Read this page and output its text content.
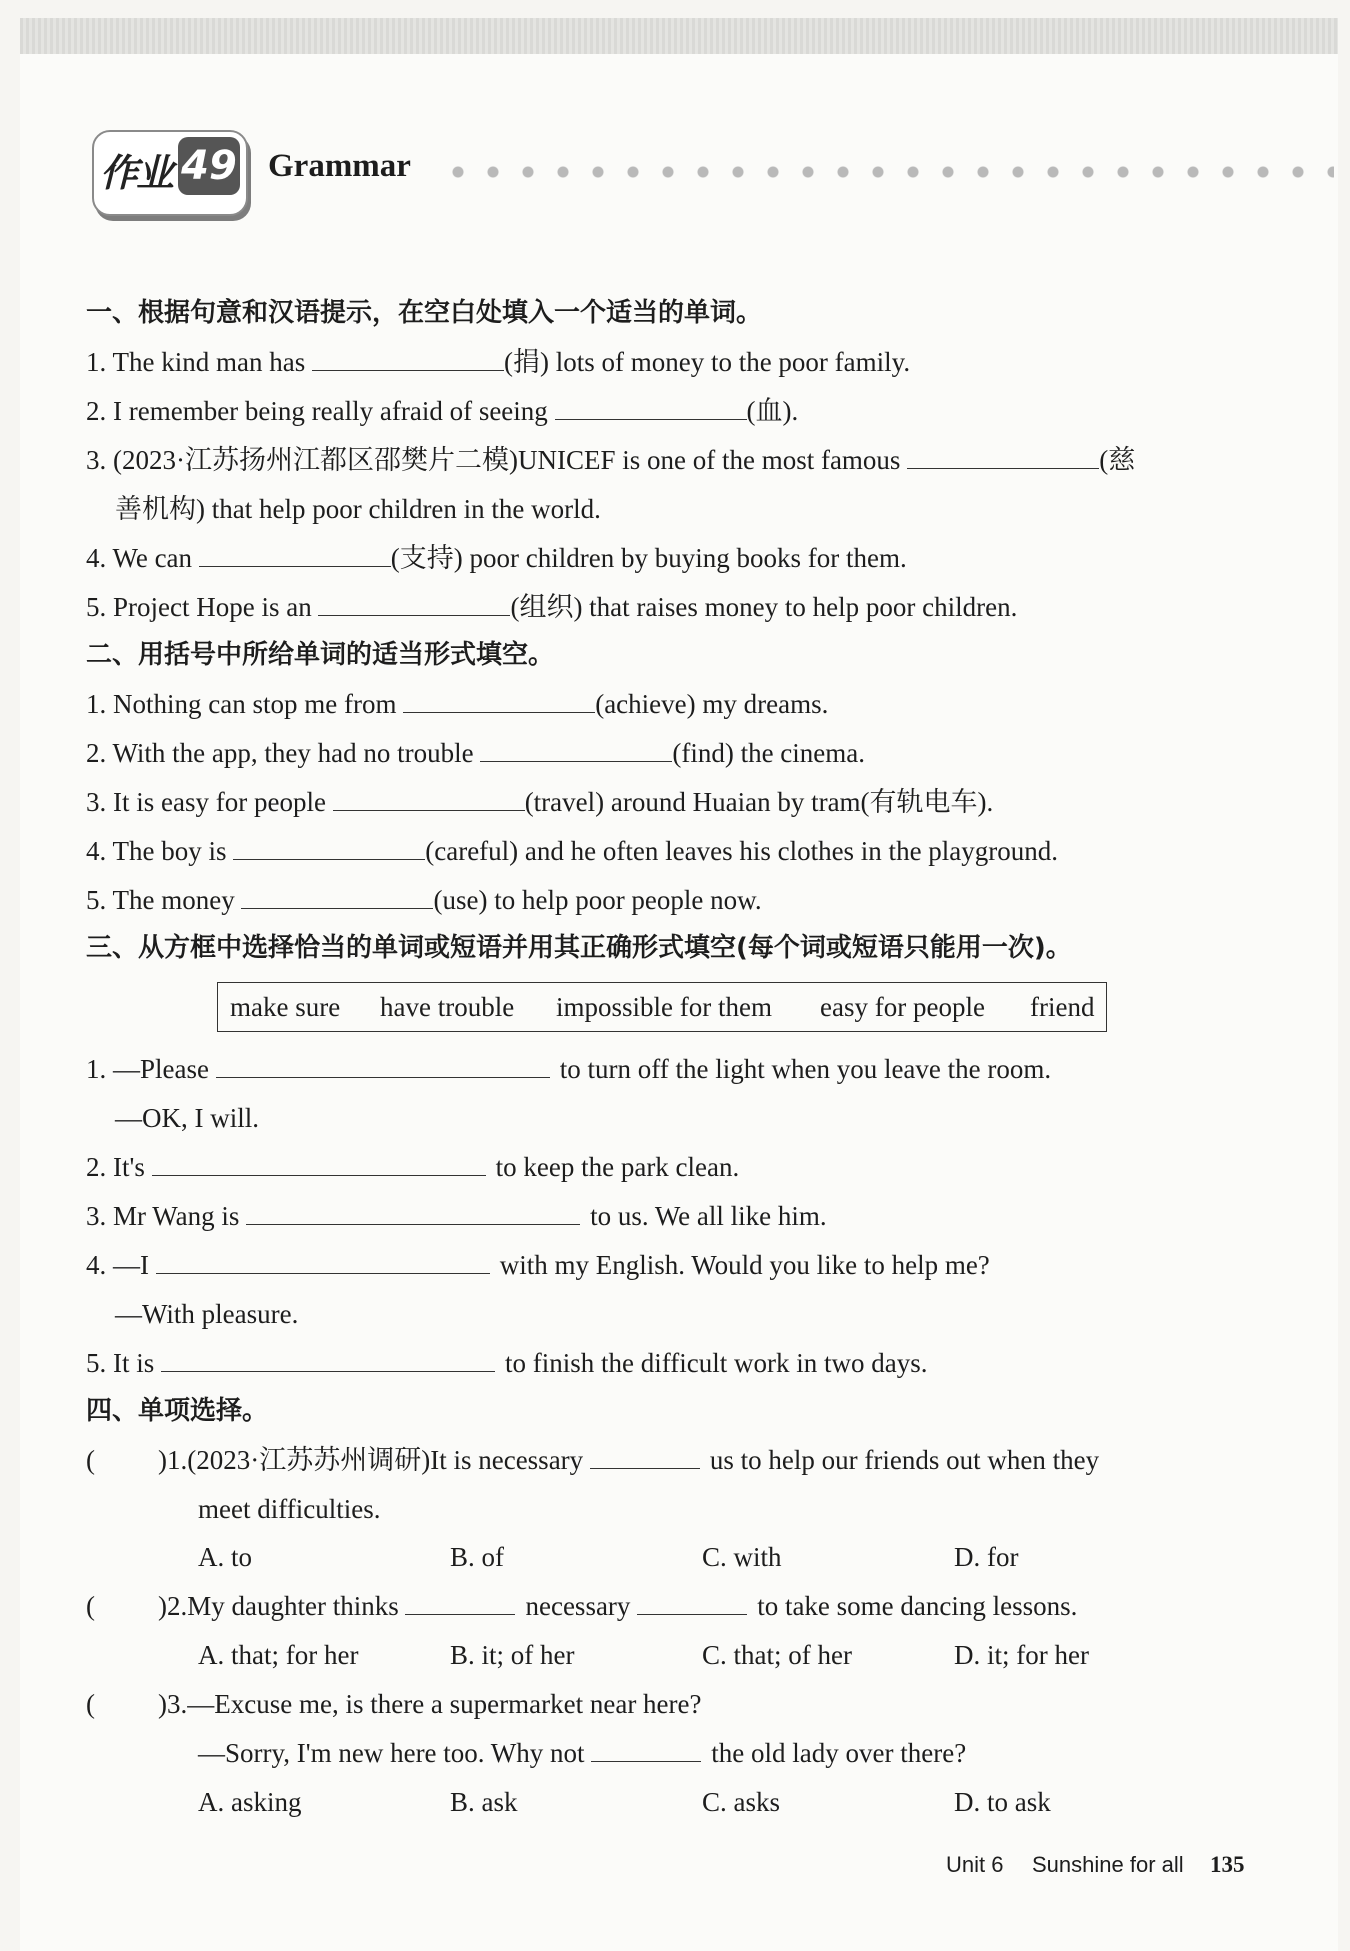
作业 49 Grammar
一、根据句意和汉语提示，在空白处填入一个适当的单词。
1. The kind man has	(捐) lots of money to the poor family.
2. I remember being really afraid of seeing	(血).
3. (2023·江苏扬州江都区邵樊片二模)UNICEF is one of the most famous	(慈
善机构) that help poor children in the world.
4. We can	(支持) poor children by buying books for them.
5. Project Hope is an	(组织) that raises money to help poor children.
二、用括号中所给单词的适当形式填空。
1. Nothing can stop me from	(achieve) my dreams.
2. With the app, they had no trouble	(find) the cinema.
3. It is easy for people	(travel) around Huaian by tram(有轨电车).
4. The boy is	(careful) and he often leaves his clothes in the playground.
5. The money	(use) to help poor people now.
三、从方框中选择恰当的单词或短语并用其正确形式填空(每个词或短语只能用一次)。
make sure have trouble impossible for them easy for people friend
1. —Please	to turn off the light when you leave the room.
—OK, I will.
2. It's	to keep the park clean.
3. Mr Wang is	to us. We all like him.
4. —I	with my English. Would you like to help me?
—With pleasure.
5. It is	to finish the difficult work in two days.
四、单项选择。
( )1.(2023·江苏苏州调研)It is necessary	us to help our friends out when they
meet difficulties.
A. to	B. of	C. with	D. for
( )2.My daughter thinks	necessary	to take some dancing lessons.
A. that; for her	B. it; of her	C. that; of her	D. it; for her
( )3.—Excuse me, is there a supermarket near here?
—Sorry, I'm new here too. Why not	the old lady over there?
A. asking	B. ask	C. asks	D. to ask
Unit 6 Sunshine for all 135
